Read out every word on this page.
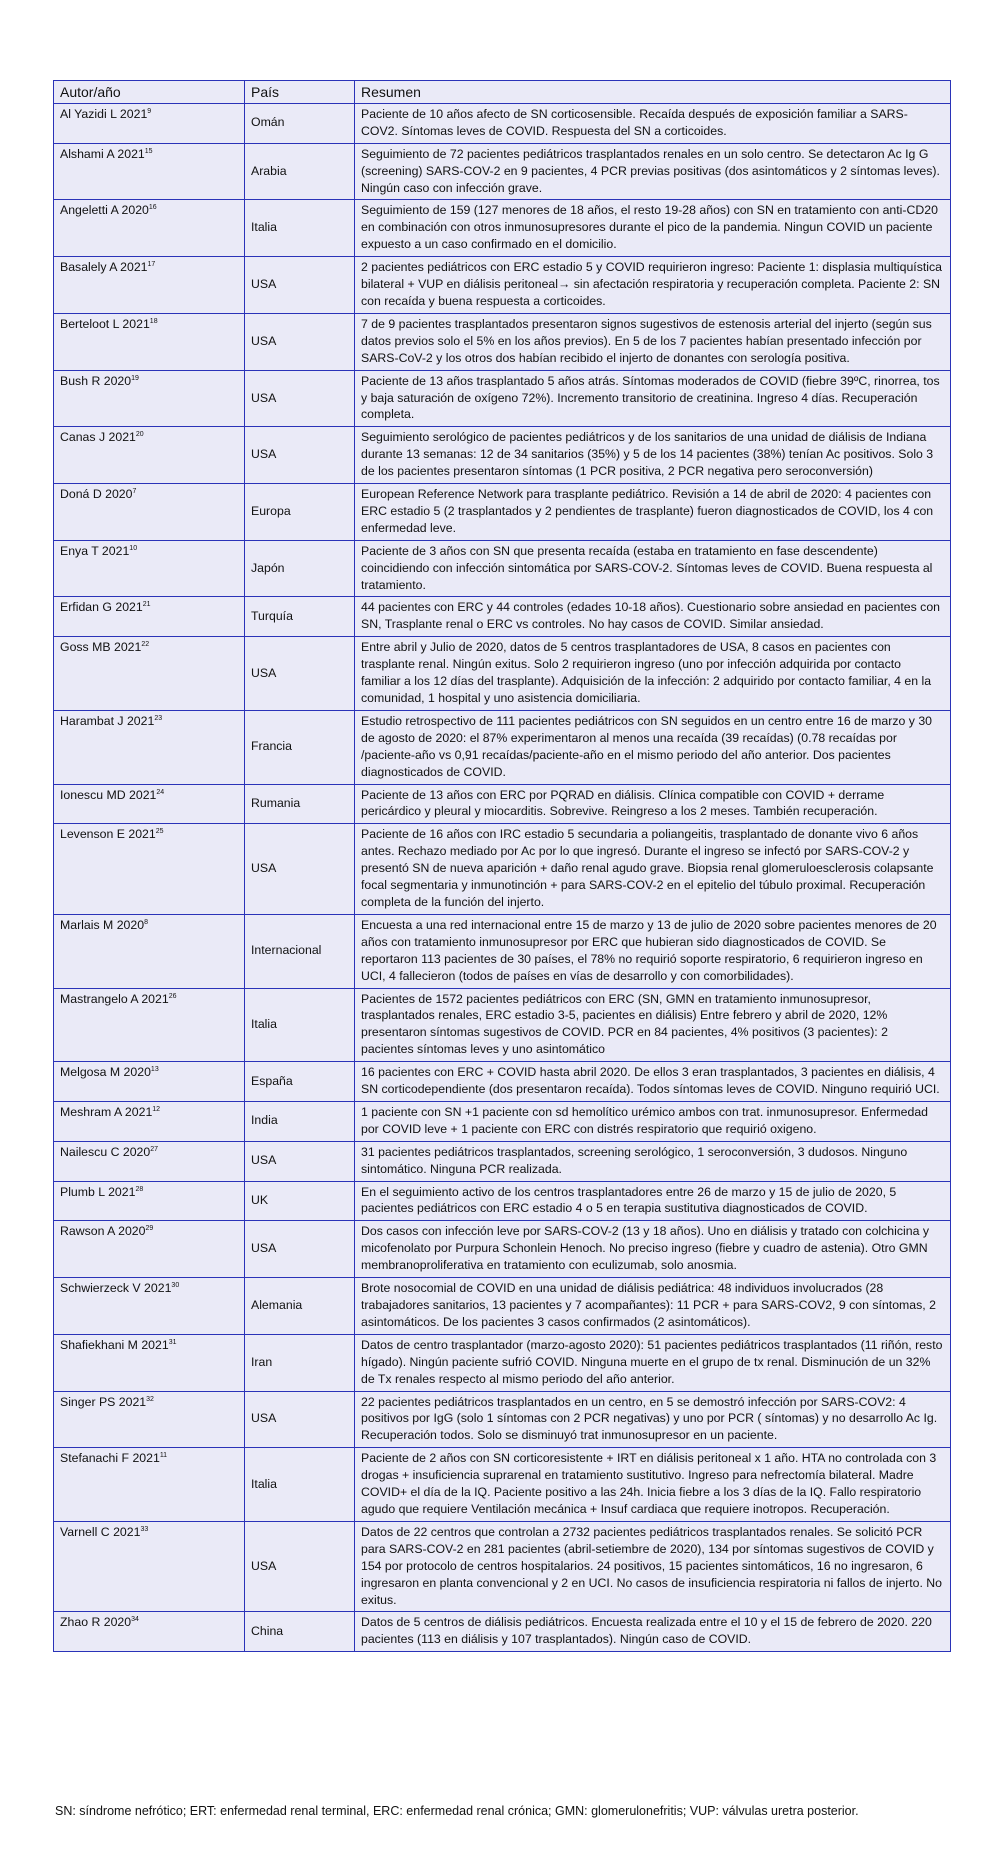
Autor/año	País	Resumen
Al Yazidi L 2021$^9$	Omán	Paciente de 10 años afecto de SN corticosensible. Recaída después de exposición familiar a SARS-COV2. Síntomas leves de COVID. Respuesta del SN a corticoides.
Alshami A 2021$^{15}$	Arabia	Seguimiento de 72 pacientes pediátricos trasplantados renales en un solo centro. Se detectaron Ac Ig G (screening) SARS-COV-2 en 9 pacientes, 4 PCR previas positivas (dos asintomáticos y 2 síntomas leves). Ningún caso con infección grave.
Angeletti A 2020$^{16}$	Italia	Seguimiento de 159 (127 menores de 18 años, el resto 19-28 años) con SN en tratamiento con anti-CD20 en combinación con otros inmunosupresores durante el pico de la pandemia. Ningun COVID un paciente expuesto a un caso confirmado en el domicilio.
Basalely A 2021$^{17}$	USA	2 pacientes pediátricos con ERC estadio 5 y COVID requirieron ingreso: Paciente 1: displasia multiquística bilateral + VUP en diálisis peritoneal→ sin afectación respiratoria y recuperación completa. Paciente 2: SN con recaída y buena respuesta a corticoides.
Berteloot L 2021$^{18}$	USA	7 de 9 pacientes trasplantados presentaron signos sugestivos de estenosis arterial del injerto (según sus datos previos solo el 5% en los años previos). En 5 de los 7 pacientes habían presentado infección por SARS-CoV-2 y los otros dos habían recibido el injerto de donantes con serología positiva.
Bush R 2020$^{19}$	USA	Paciente de 13 años trasplantado 5 años atrás. Síntomas moderados de COVID (fiebre 39ºC, rinorrea, tos y baja saturación de oxígeno 72%). Incremento transitorio de creatinina. Ingreso 4 días. Recuperación completa.
Canas J 2021$^{20}$	USA	Seguimiento serológico de pacientes pediátricos y de los sanitarios de una unidad de diálisis de Indiana durante 13 semanas: 12 de 34 sanitarios (35%) y 5 de los 14 pacientes (38%) tenían Ac positivos. Solo 3 de los pacientes presentaron síntomas (1 PCR positiva, 2 PCR negativa pero seroconversión)
Doná D 2020$^7$	Europa	European Reference Network para trasplante pediátrico. Revisión a 14 de abril de 2020: 4 pacientes con ERC estadio 5 (2 trasplantados y 2 pendientes de trasplante) fueron diagnosticados de COVID, los 4 con enfermedad leve.
Enya T 2021$^{10}$	Japón	Paciente de 3 años con SN que presenta recaída (estaba en tratamiento en fase descendente) coincidiendo con infección sintomática por SARS-COV-2. Síntomas leves de COVID. Buena respuesta al tratamiento.
Erfidan G 2021$^{21}$	Turquía	44 pacientes con ERC y 44 controles (edades 10-18 años). Cuestionario sobre ansiedad en pacientes con SN, Trasplante renal o ERC vs controles. No hay casos de COVID. Similar ansiedad.
Goss MB 2021$^{22}$	USA	Entre abril y Julio de 2020, datos de 5 centros trasplantadores de USA, 8 casos en pacientes con trasplante renal. Ningún exitus. Solo 2 requirieron ingreso (uno por infección adquirida por contacto familiar a los 12 días del trasplante). Adquisición de la infección: 2 adquirido por contacto familiar, 4 en la comunidad, 1 hospital y uno asistencia domiciliaria.
Harambat J 2021$^{23}$	Francia	Estudio retrospectivo de 111 pacientes pediátricos con SN seguidos en un centro entre 16 de marzo y 30 de agosto de 2020: el 87% experimentaron al menos una recaída (39 recaídas) (0.78 recaídas por /paciente-año vs 0,91 recaídas/paciente-año en el mismo periodo del año anterior. Dos pacientes diagnosticados de COVID.
Ionescu MD 2021$^{24}$	Rumania	Paciente de 13 años con ERC por PQRAD en diálisis. Clínica compatible con COVID + derrame pericárdico y pleural y miocarditis. Sobrevive. Reingreso a los 2 meses. También recuperación.
Levenson E 2021$^{25}$	USA	Paciente de 16 años con IRC estadio 5 secundaria a poliangeitis, trasplantado de donante vivo 6 años antes. Rechazo mediado por Ac por lo que ingresó. Durante el ingreso se infectó por SARS-COV-2 y presentó SN de nueva aparición + daño renal agudo grave. Biopsia renal glomeruloesclerosis colapsante focal segmentaria y inmunotinción + para SARS-COV-2 en el epitelio del túbulo proximal. Recuperación completa de la función del injerto.
Marlais M 2020$^8$	Internacional	Encuesta a una red internacional entre 15 de marzo y 13 de julio de 2020 sobre pacientes menores de 20 años con tratamiento inmunosupresor por ERC que hubieran sido diagnosticados de COVID. Se reportaron 113 pacientes de 30 países, el 78% no requirió soporte respiratorio, 6 requirieron ingreso en UCI, 4 fallecieron (todos de países en vías de desarrollo y con comorbilidades).
Mastrangelo A 2021$^{26}$	Italia	Pacientes de 1572 pacientes pediátricos con ERC (SN, GMN en tratamiento inmunosupresor, trasplantados renales, ERC estadio 3-5, pacientes en diálisis) Entre febrero y abril de 2020, 12% presentaron síntomas sugestivos de COVID. PCR en 84 pacientes, 4% positivos (3 pacientes): 2 pacientes síntomas leves y uno asintomático
Melgosa M 2020$^{13}$	España	16 pacientes con ERC + COVID hasta abril 2020. De ellos 3 eran trasplantados, 3 pacientes en diálisis, 4 SN corticodependiente (dos presentaron recaída). Todos síntomas leves de COVID. Ninguno requirió UCI.
Meshram A 2021$^{12}$	India	1 paciente con SN +1 paciente con sd hemolítico urémico ambos con trat. inmunosupresor. Enfermedad por COVID leve + 1 paciente con ERC con distrés respiratorio que requirió oxigeno.
Nailescu C 2020$^{27}$	USA	31 pacientes pediátricos trasplantados, screening serológico, 1 seroconversión, 3 dudosos. Ninguno sintomático. Ninguna PCR realizada.
Plumb L 2021$^{28}$	UK	En el seguimiento activo de los centros trasplantadores entre 26 de marzo y 15 de julio de 2020, 5 pacientes pediátricos con ERC estadio 4 o 5 en terapia sustitutiva diagnosticados de COVID.
Rawson A 2020$^{29}$	USA	Dos casos con infección leve por SARS-COV-2 (13 y 18 años). Uno en diálisis y tratado con colchicina y micofenolato por Purpura Schonlein Henoch. No preciso ingreso (fiebre y cuadro de astenia). Otro GMN membranoproliferativa en tratamiento con eculizumab, solo anosmia.
Schwierzeck V 2021$^{30}$	Alemania	Brote nosocomial de COVID en una unidad de diálisis pediátrica: 48 individuos involucrados (28 trabajadores sanitarios, 13 pacientes y 7 acompañantes): 11 PCR + para SARS-COV2, 9 con síntomas, 2 asintomáticos. De los pacientes 3 casos confirmados (2 asintomáticos).
Shafiekhani M 2021$^{31}$	Iran	Datos de centro trasplantador (marzo-agosto 2020): 51 pacientes pediátricos trasplantados (11 riñón, resto hígado). Ningún paciente sufrió COVID. Ninguna muerte en el grupo de tx renal. Disminución de un 32% de Tx renales respecto al mismo periodo del año anterior.
Singer PS 2021$^{32}$	USA	22 pacientes pediátricos trasplantados en un centro, en 5 se demostró infección por SARS-COV2: 4 positivos por IgG (solo 1 síntomas con 2 PCR negativas) y uno por PCR ( síntomas) y no desarrollo Ac Ig. Recuperación todos. Solo se disminuyó trat inmunosupresor en un paciente.
Stefanachi F 2021$^{11}$	Italia	Paciente de 2 años con SN corticoresistente + IRT en diálisis peritoneal x 1 año. HTA no controlada con 3 drogas + insuficiencia suprarenal en tratamiento sustitutivo. Ingreso para nefrectomía bilateral. Madre COVID+ el día de la IQ. Paciente positivo a las 24h. Inicia fiebre a los 3 días de la IQ. Fallo respiratorio agudo que requiere Ventilación mecánica + Insuf cardiaca que requiere inotropos. Recuperación.
Varnell C 2021$^{33}$	USA	Datos de 22 centros que controlan a 2732 pacientes pediátricos trasplantados renales. Se solicitó PCR para SARS-COV-2 en 281 pacientes (abril-setiembre de 2020), 134 por síntomas sugestivos de COVID y 154 por protocolo de centros hospitalarios. 24 positivos, 15 pacientes sintomáticos, 16 no ingresaron, 6 ingresaron en planta convencional y 2 en UCI. No casos de insuficiencia respiratoria ni fallos de injerto. No exitus.
Zhao R 2020$^{34}$	China	Datos de 5 centros de diálisis pediátricos. Encuesta realizada entre el 10 y el 15 de febrero de 2020. 220 pacientes (113 en diálisis y 107 trasplantados). Ningún caso de COVID.
SN: síndrome nefrótico; ERT: enfermedad renal terminal, ERC: enfermedad renal crónica; GMN: glomerulonefritis; VUP: válvulas uretra posterior.
